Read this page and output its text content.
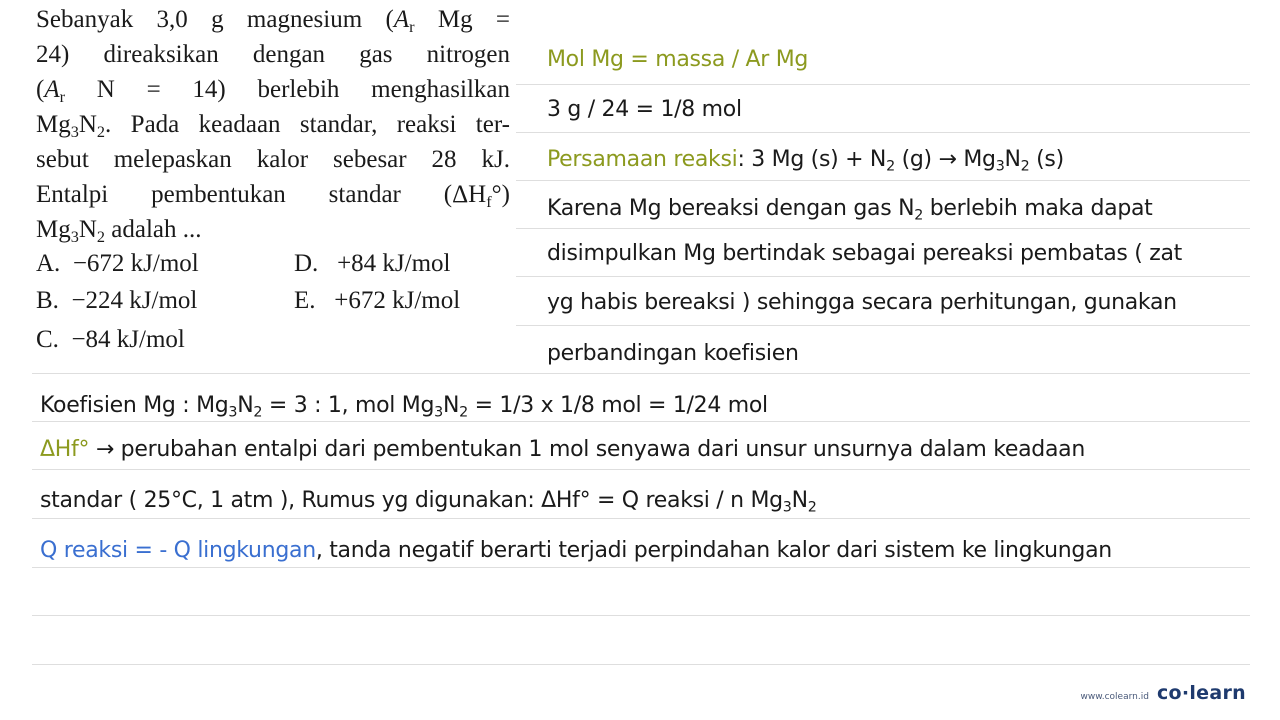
Sebanyak 3,0 g magnesium ($A_r$ Mg =
24) direaksikan dengan gas nitrogen
($A_r$ N = 14) berlebih menghasilkan
$Mg_3N_2$. Pada keadaan standar, reaksi ter-
sebut melepaskan kalor sebesar 28 kJ.
Entalpi pembentukan standar $(\Delta H_f^\circ)$
$Mg_3N_2$ adalah ...
A. −672 kJ/mol
B. −224 kJ/mol
C. −84 kJ/mol
D. +84 kJ/mol
E. +672 kJ/mol
Mol Mg = massa / Ar Mg
3 g / 24 = 1/8 mol
Persamaan reaksi: 3 Mg $(s) + N_2$ $(g) \to Mg_3N_2$ (s)
Karena Mg bereaksi dengan gas $N_2$ berlebih maka dapat
disimpulkan Mg bertindak sebagai pereaksi pembatas ( zat
yg habis bereaksi ) sehingga secara perhitungan, gunakan
perbandingan koefisien
Koefisien Mg : $Mg_3N_2 = 3$ : 1, mol $Mg_3N_2 = 1/3$ x 1/8 mol = 1/24 mol
ΔHf° → perubahan entalpi dari pembentukan 1 mol senyawa dari unsur unsurnya dalam keadaan
standar ( 25°C, 1 atm ), Rumus yg digunakan: ΔHf° = Q reaksi / n $Mg_3N_2$
Q reaksi = - Q lingkungan, tanda negatif berarti terjadi perpindahan kalor dari sistem ke lingkungan
www.colearn.id co·learn
